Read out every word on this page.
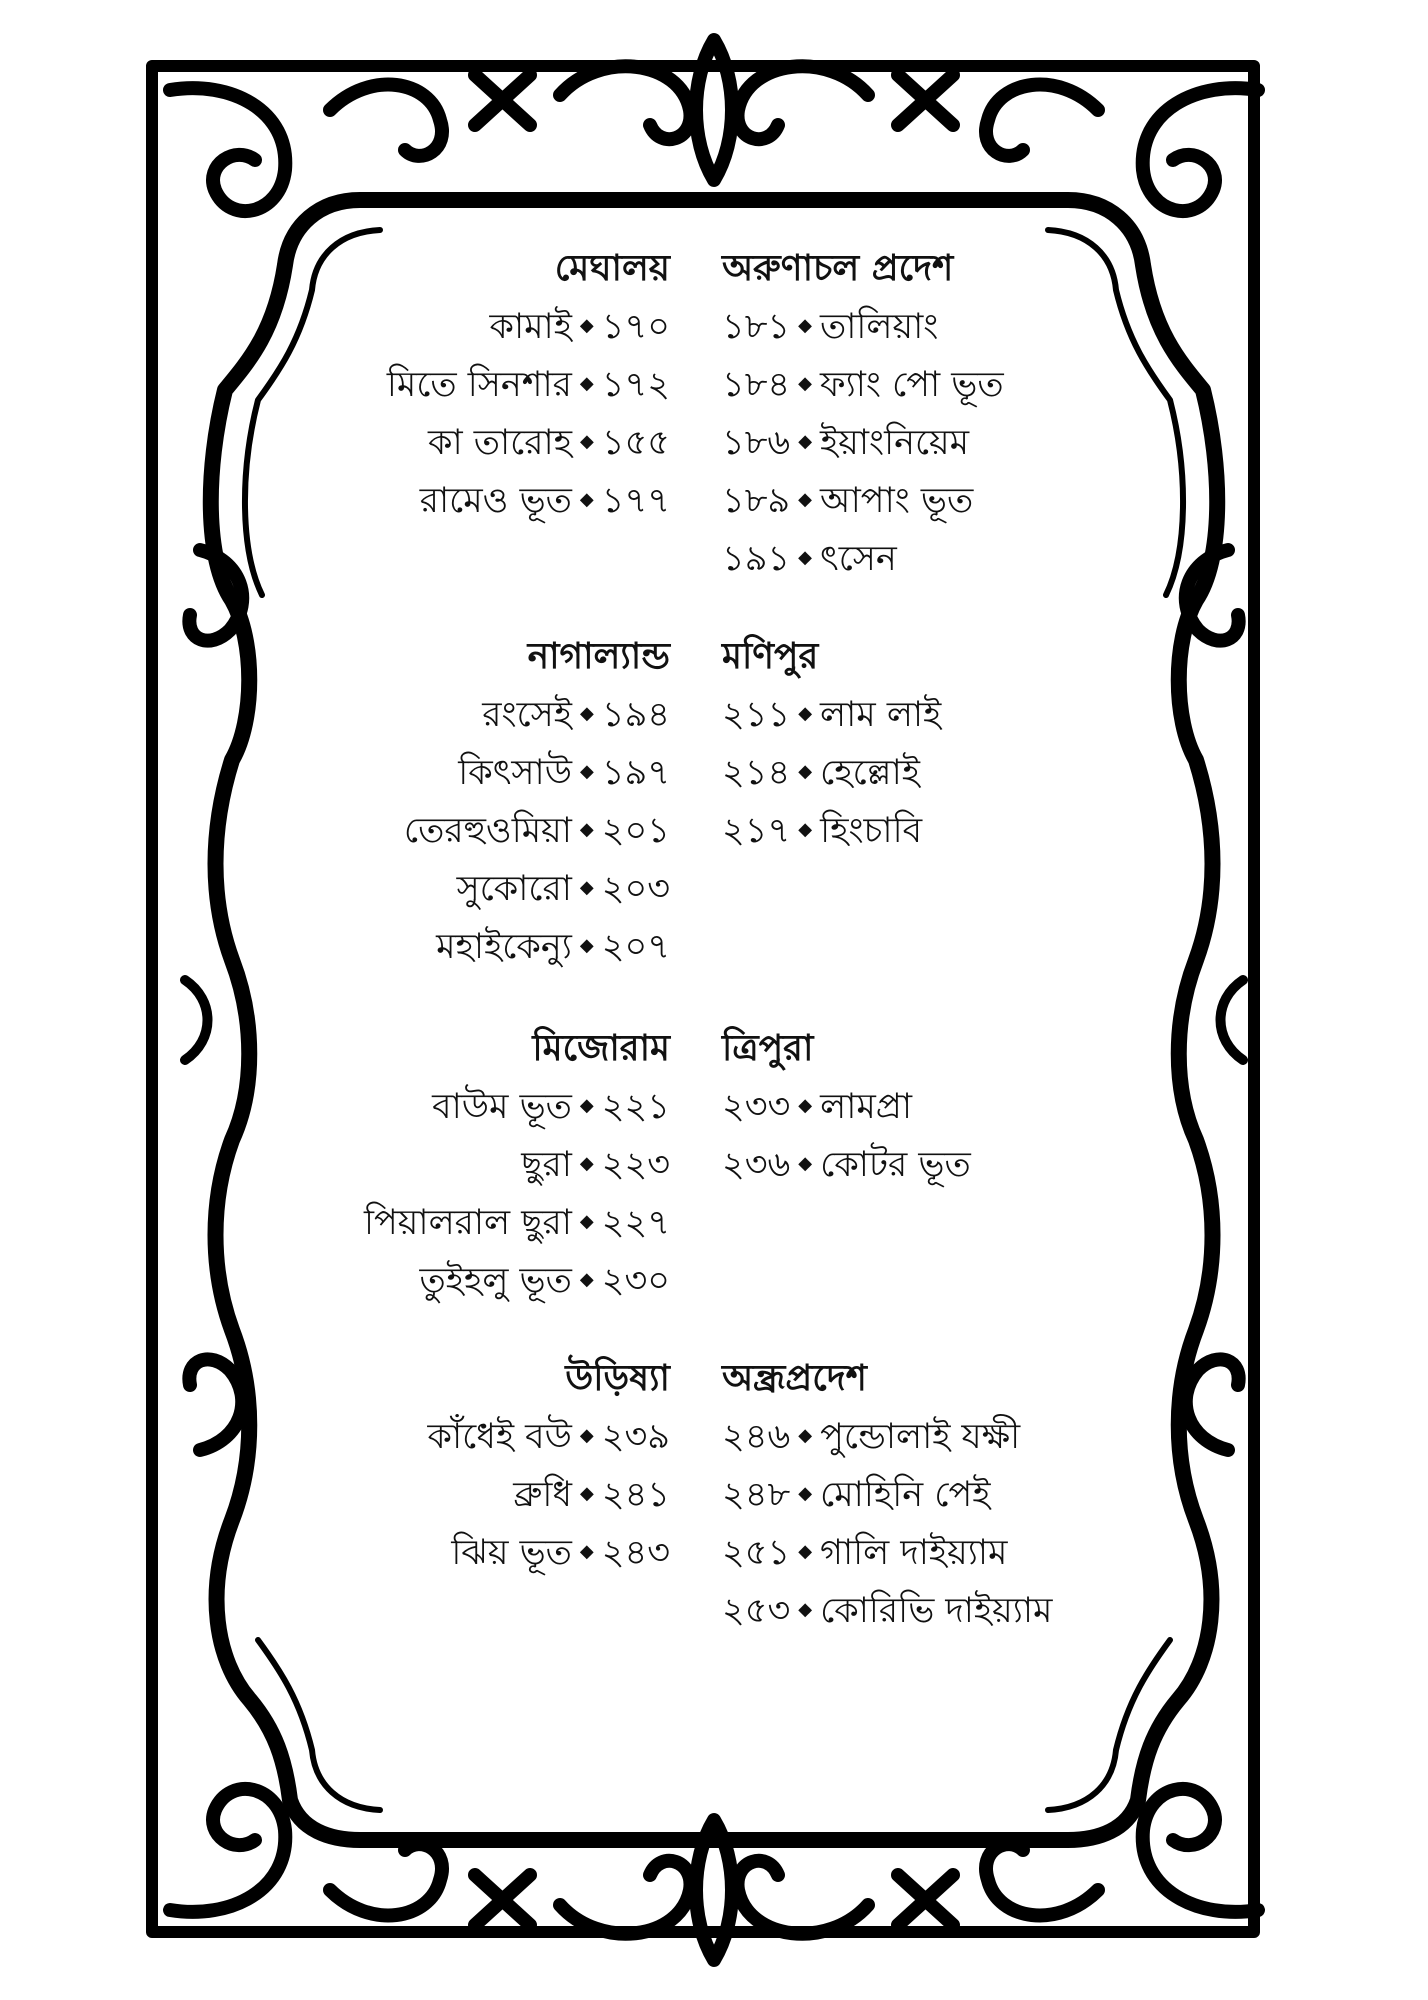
মেঘালয় অরুণাচল প্রদেশ
কামাই ◆ ১৭০
মিতে সিনশার ◆ ১৭২
কা তারোহ ◆ ১৫৫
রামেও ভূত ◆ ১৭৭
১৮১ ◆ তালিয়াং
১৮৪ ◆ ফ্যাং পো ভূত
১৮৬ ◆ ইয়াংনিয়েম
১৮৯ ◆ আপাং ভূত
১৯১ ◆ ৎসেন
নাগাল্যান্ড মণিপুর
রংসেই ◆ ১৯৪
কিৎসাউ ◆ ১৯৭
তেরহুওমিয়া ◆ ২০১
সুকোরো ◆ ২০৩
মহাইকেন্যু ◆ ২০৭
২১১ ◆ লাম লাই
২১৪ ◆ হেল্লোই
২১৭ ◆ হিংচাবি
মিজোরাম ত্রিপুরা
বাউম ভূত ◆ ২২১
ছুরা ◆ ২২৩
পিয়ালরাল ছুরা ◆ ২২৭
তুইহলু ভূত ◆ ২৩০
২৩৩ ◆ লামপ্রা
২৩৬ ◆ কোটর ভূত
উড়িষ্যা অন্ধ্রপ্রদেশ
কাঁধেই বউ ◆ ২৩৯
ব্রুধি ◆ ২৪১
ঝিয় ভূত ◆ ২৪৩
২৪৬ ◆ পুন্ডোলাই যক্ষী
২৪৮ ◆ মোহিনি পেই
২৫১ ◆ গালি দাইয়্যাম
২৫৩ ◆ কোরিভি দাইয়্যাম
